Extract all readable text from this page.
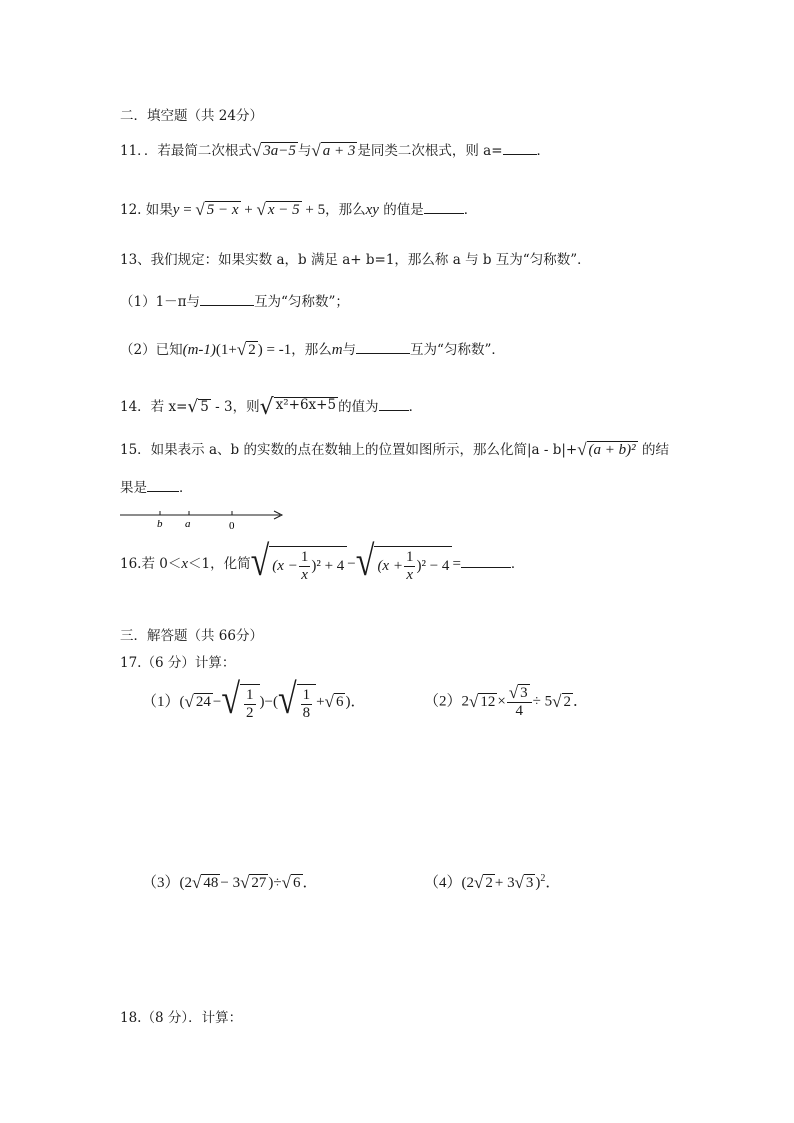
二．填空题（共 24分）
11．．若最简二次根式 √ 3a−5 与 √ a + 3 是同类二次根式，则 a=	．
12. 如果y = √ 5 − x + √ x − 5 + 5，那么xy 的值是	．
13、我们规定：如果实数 a，b 满足 a+ b=1，那么称 a 与 b 互为“匀称数”．
（1）1－π与	互为“匀称数”；
（2）已知(m-1)(1+ √ 2 ) = -1，那么m与	互为“匀称数”．
14．若 x= √ 5 - 3，则 √ x²+6x+5 的值为 ．
15．如果表示 a、b 的实数的点在数轴上的位置如图所示，那么化简|a - b|+ √ (a + b)² 的结
果是 ．
b a	0
16.若 0＜x＜1，化简 √ ($x - \frac{1}{x}$ ) ² + 4 − √ ($x + \frac{1}{x}$ ) ² − 4 =	．
三．解答题（共 66分）
17.（6 分）计算：
（1）( √ 24 − √ $\frac{1}{2}$ )−( √ $\frac{1}{8}$ + √ 6 )．	（2）2 √ $12 \times \frac{√ 3}{4} \div 5$ √ 2 ．
（3）(2 √ 48 − 3 √ 27 )÷ √ 6 ．	（4）(2 √ 2 + 3 √ 3 )$^2$．
18.（8 分）．计算：
